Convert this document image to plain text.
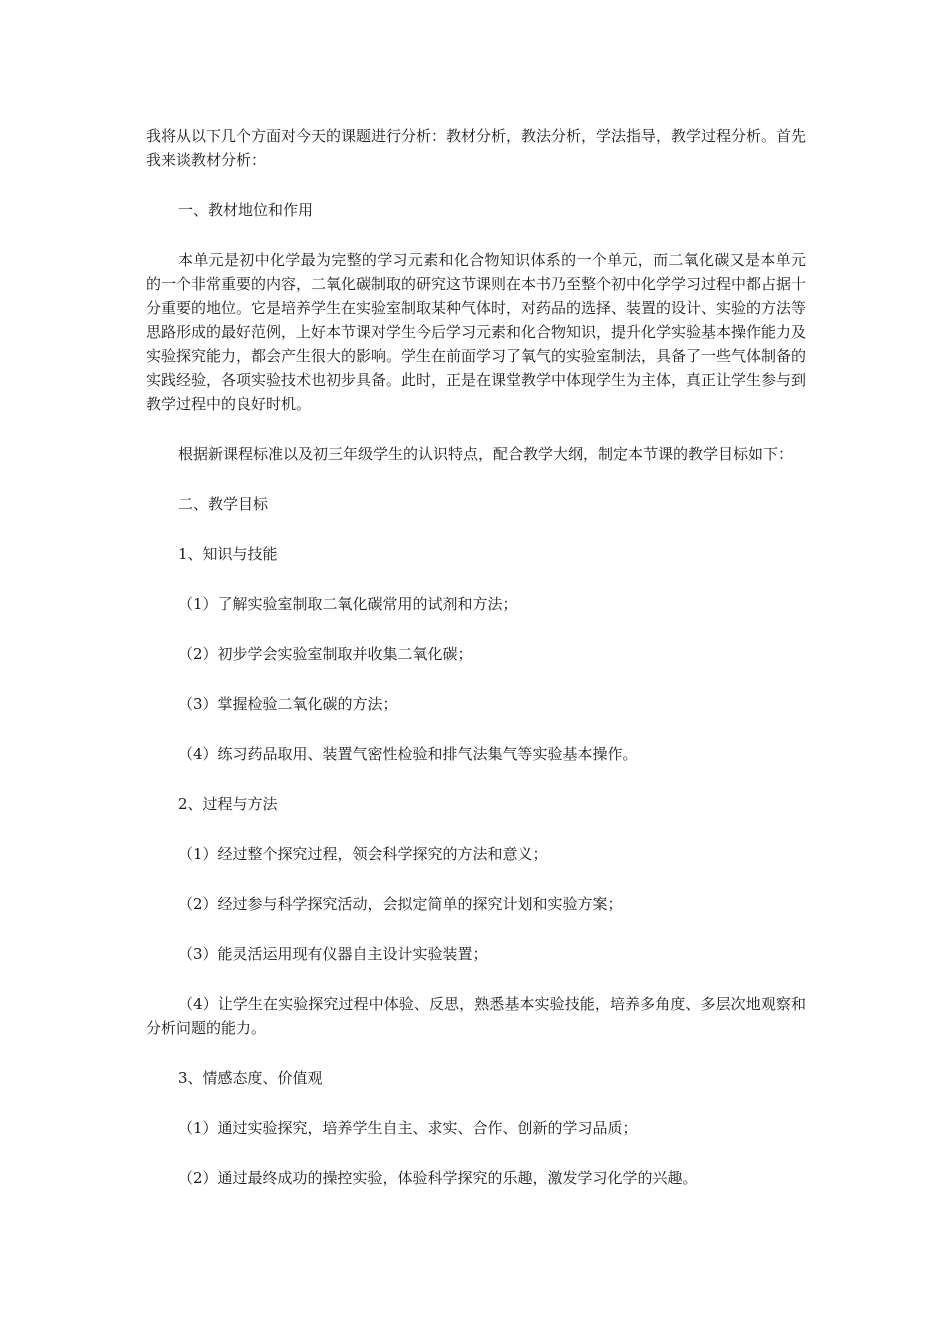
我将从以下几个方面对今天的课题进行分析：教材分析，教法分析，学法指导，教学过程分析。首先我来谈教材分析：

一、教材地位和作用

本单元是初中化学最为完整的学习元素和化合物知识体系的一个单元，而二氧化碳又是本单元的一个非常重要的内容，二氧化碳制取的研究这节课则在本书乃至整个初中化学学习过程中都占据十分重要的地位。它是培养学生在实验室制取某种气体时，对药品的选择、装置的设计、实验的方法等思路形成的最好范例，上好本节课对学生今后学习元素和化合物知识，提升化学实验基本操作能力及实验探究能力，都会产生很大的影响。学生在前面学习了氧气的实验室制法，具备了一些气体制备的实践经验，各项实验技术也初步具备。此时，正是在课堂教学中体现学生为主体，真正让学生参与到教学过程中的良好时机。

根据新课程标准以及初三年级学生的认识特点，配合教学大纲，制定本节课的教学目标如下：

二、教学目标

1、知识与技能

（1）了解实验室制取二氧化碳常用的试剂和方法；

（2）初步学会实验室制取并收集二氧化碳；

（3）掌握检验二氧化碳的方法；

（4）练习药品取用、装置气密性检验和排气法集气等实验基本操作。

2、过程与方法

（1）经过整个探究过程，领会科学探究的方法和意义；

（2）经过参与科学探究活动，会拟定简单的探究计划和实验方案；

（3）能灵活运用现有仪器自主设计实验装置；

（4）让学生在实验探究过程中体验、反思，熟悉基本实验技能，培养多角度、多层次地观察和分析问题的能力。

3、情感态度、价值观

（1）通过实验探究，培养学生自主、求实、合作、创新的学习品质；

（2）通过最终成功的操控实验，体验科学探究的乐趣，激发学习化学的兴趣。
